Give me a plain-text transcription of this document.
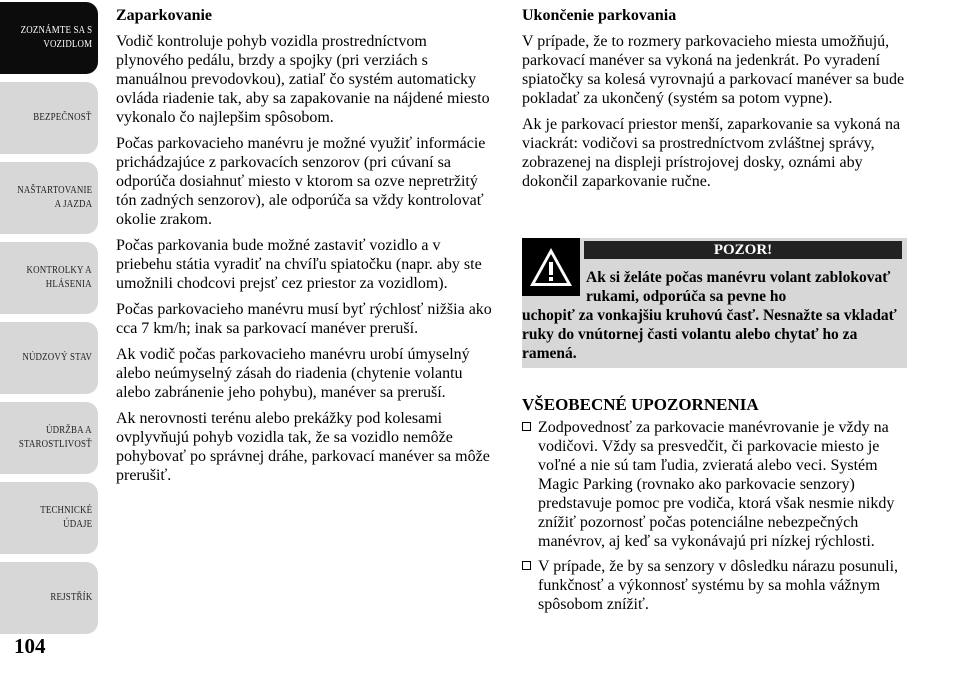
ZOZNÁMTE SA S
VOZIDLOM
BEZPEČNOSŤ
NAŠTARTOVANIE
A JAZDA
KONTROLKY A
HLÁSENIA
NÚDZOVÝ STAV
ÚDRŽBA A
STAROSTLIVOSŤ
TECHNICKÉ
ÚDAJE
REJSTŘÍK
104

Zaparkovanie

Vodič kontroluje pohyb vozidla prostredníctvom plynového pedálu, brzdy a spojky (pri verziách s manuálnou prevodovkou), zatiaľ čo systém automaticky ovláda riadenie tak, aby sa zapakovanie na nájdené miesto vykonalo čo najlepšim spôsobom.

Počas parkovacieho manévru je možné využiť informácie prichádzajúce z parkovacích senzorov (pri cúvaní sa odporúča dosiahnuť miesto v ktorom sa ozve nepretržitý tón zadných senzorov), ale odporúča sa vždy kontrolovať okolie zrakom.

Počas parkovania bude možné zastaviť vozidlo a v priebehu státia vyradiť na chvíľu spiatočku (napr. aby ste umožnili chodcovi prejsť cez priestor za vozidlom).

Počas parkovacieho manévru musí byť rýchlosť nižšia ako cca 7 km/h; inak sa parkovací manéver preruší.

Ak vodič počas parkovacieho manévru urobí úmyselný alebo neúmyselný zásah do riadenia (chytenie volantu alebo zabránenie jeho pohybu), manéver sa preruší.

Ak nerovnosti terénu alebo prekážky pod kolesami ovplyvňujú pohyb vozidla tak, že sa vozidlo nemôže pohybovať po správnej dráhe, parkovací manéver sa môže prerušiť.

Ukončenie parkovania

V prípade, že to rozmery parkovacieho miesta umožňujú, parkovací manéver sa vykoná na jedenkrát. Po vyradení spiatočky sa kolesá vyrovnajú a parkovací manéver sa bude pokladať za ukončený (systém sa potom vypne).

Ak je parkovací priestor menší, zaparkovanie sa vykoná na viackrát: vodičovi sa prostredníctvom zvláštnej správy, zobrazenej na displeji prístrojovej dosky, oznámi aby dokončil zaparkovanie ručne.

POZOR!
Ak si želáte počas manévru volant zablokovať rukami, odporúča sa pevne ho
uchopiť za vonkajšiu kruhovú časť. Nesnažte sa vkladať ruky do vnútornej časti volantu alebo chytať ho za ramená.
VŠEOBECNÉ UPOZORNENIA
Zodpovednosť za parkovacie manévrovanie je vždy na vodičovi. Vždy sa presvedčit, či parkovacie miesto je voľné a nie sú tam ľudia, zvieratá alebo veci. Systém Magic Parking (rovnako ako parkovacie senzory) predstavuje pomoc pre vodiča, ktorá však nesmie nikdy znížiť pozornosť počas potenciálne nebezpečných manévrov, aj keď sa vykonávajú pri nízkej rýchlosti.
V prípade, že by sa senzory v dôsledku nárazu posunuli, funkčnosť a výkonnosť systému by sa mohla vážnym spôsobom znížiť.
